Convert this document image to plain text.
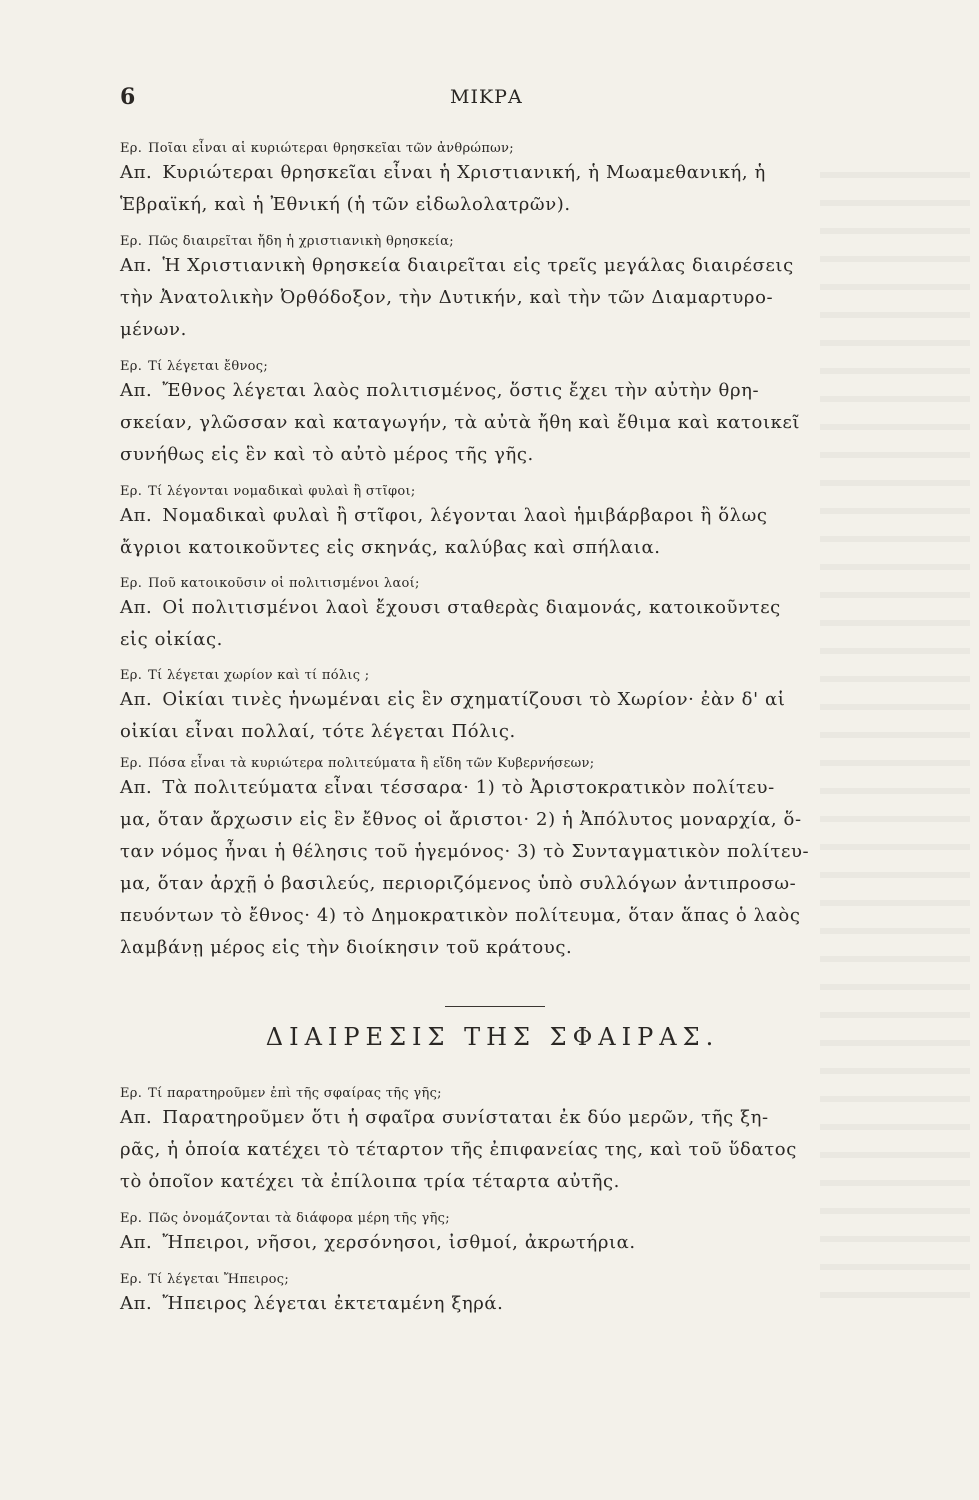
6	ΜΙΚΡΑ
Ερ. Ποῖαι εἶναι αἱ κυριώτεραι θρησκεῖαι τῶν ἀνθρώπων;
Απ. Κυριώτεραι θρησκεῖαι εἶναι ἡ Χριστιανική, ἡ Μωαμεθανική, ἡ
Ἑβραϊκή, καὶ ἡ Ἐθνική (ἡ τῶν εἰδωλολατρῶν).
Ερ. Πῶς διαιρεῖται ἤδη ἡ χριστιανικὴ θρησκεία;
Απ. Ἡ Χριστιανικὴ θρησκεία διαιρεῖται εἰς τρεῖς μεγάλας διαιρέσεις
τὴν Ἀνατολικὴν Ὀρθόδοξον, τὴν Δυτικήν, καὶ τὴν τῶν Διαμαρτυρο-
μένων.
Ερ. Τί λέγεται ἔθνος;
Απ. Ἔθνος λέγεται λαὸς πολιτισμένος, ὅστις ἔχει τὴν αὐτὴν θρη-
σκείαν, γλῶσσαν καὶ καταγωγήν, τὰ αὐτὰ ἤθη καὶ ἔθιμα καὶ κατοικεῖ
συνήθως εἰς ἓν καὶ τὸ αὐτὸ μέρος τῆς γῆς.
Ερ. Τί λέγονται νομαδικαὶ φυλαὶ ἢ στῖφοι;
Απ. Νομαδικαὶ φυλαὶ ἢ στῖφοι, λέγονται λαοὶ ἡμιβάρβαροι ἢ ὅλως
ἄγριοι κατοικοῦντες εἰς σκηνάς, καλύβας καὶ σπήλαια.
Ερ. Ποῦ κατοικοῦσιν οἱ πολιτισμένοι λαοί;
Απ. Οἱ πολιτισμένοι λαοὶ ἔχουσι σταθερὰς διαμονάς, κατοικοῦντες
εἰς οἰκίας.
Ερ. Τί λέγεται χωρίον καὶ τί πόλις ;
Απ. Οἰκίαι τινὲς ἡνωμέναι εἰς ἓν σχηματίζουσι τὸ Χωρίον· ἐὰν δ' αἱ
οἰκίαι εἶναι πολλαί, τότε λέγεται Πόλις.
Ερ. Πόσα εἶναι τὰ κυριώτερα πολιτεύματα ἢ εἴδη τῶν Κυβερνήσεων;
Απ. Τὰ πολιτεύματα εἶναι τέσσαρα· 1) τὸ Ἀριστοκρατικὸν πολίτευ-
μα, ὅταν ἄρχωσιν εἰς ἓν ἔθνος οἱ ἄριστοι· 2) ἡ Ἀπόλυτος μοναρχία, ὅ-
ταν νόμος ἦναι ἡ θέλησις τοῦ ἡγεμόνος· 3) τὸ Συνταγματικὸν πολίτευ-
μα, ὅταν ἀρχῇ ὁ βασιλεύς, περιοριζόμενος ὑπὸ συλλόγων ἀντιπροσω-
πευόντων τὸ ἔθνος· 4) τὸ Δημοκρατικὸν πολίτευμα, ὅταν ἅπας ὁ λαὸς
λαμβάνῃ μέρος εἰς τὴν διοίκησιν τοῦ κράτους.
ΔΙΑΙΡΕΣΙΣ ΤΗΣ ΣΦΑΙΡΑΣ.
Ερ. Τί παρατηροῦμεν ἐπὶ τῆς σφαίρας τῆς γῆς;
Απ. Παρατηροῦμεν ὅτι ἡ σφαῖρα συνίσταται ἐκ δύο μερῶν, τῆς ξη-
ρᾶς, ἡ ὁποία κατέχει τὸ τέταρτον τῆς ἐπιφανείας της, καὶ τοῦ ὕδατος
τὸ ὁποῖον κατέχει τὰ ἐπίλοιπα τρία τέταρτα αὐτῆς.
Ερ. Πῶς ὀνομάζονται τὰ διάφορα μέρη τῆς γῆς;
Απ. Ἤπειροι, νῆσοι, χερσόνησοι, ἰσθμοί, ἀκρωτήρια.
Ερ. Τί λέγεται Ἤπειρος;
Απ. Ἤπειρος λέγεται ἐκτεταμένη ξηρά.
